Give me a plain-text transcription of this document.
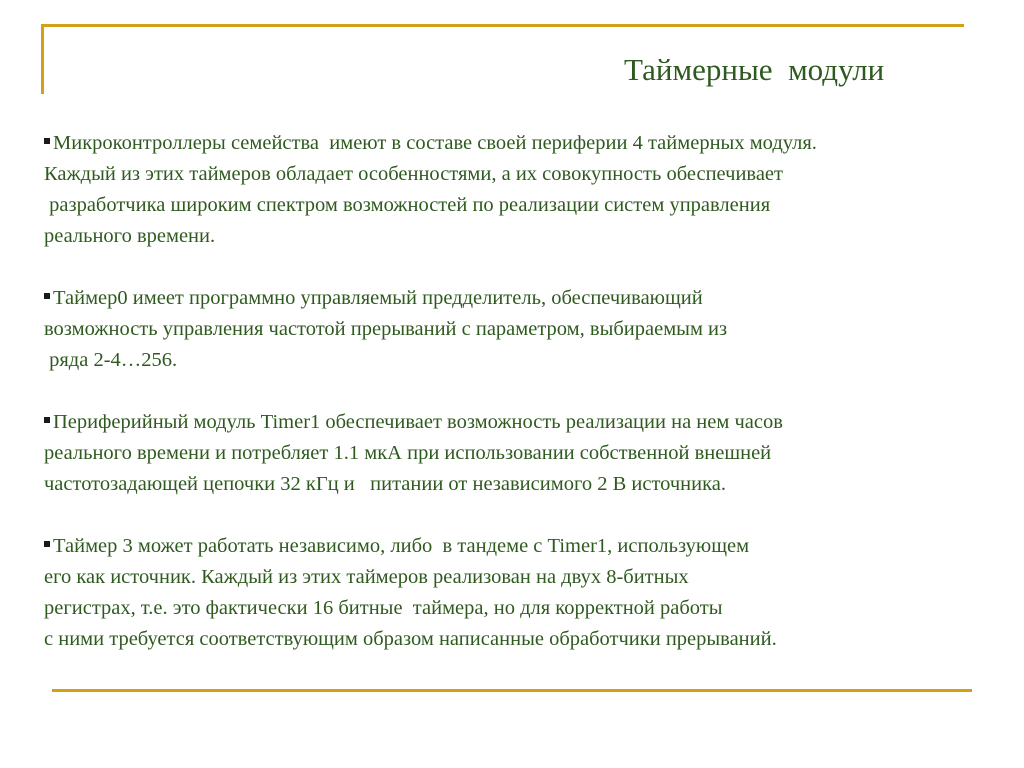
Таймерные  модули
Микроконтроллеры семейства  имеют в составе своей периферии 4 таймерных модуля.
Каждый из этих таймеров обладает особенностями, а их совокупность обеспечивает
разработчика широким спектром возможностей по реализации систем управления
реального времени.
Таймер0 имеет программно управляемый предделитель, обеспечивающий
возможность управления частотой прерываний с параметром, выбираемым из
ряда 2-4…256.
Периферийный модуль Timer1 обеспечивает возможность реализации на нем часов
реального времени и потребляет 1.1 мкА при использовании собственной внешней
частотозадающей цепочки 32 кГц и   питании от независимого 2 В источника.
Таймер 3 может работать независимо, либо  в тандеме с Timer1, использующем
его как источник. Каждый из этих таймеров реализован на двух 8-битных
регистрах, т.е. это фактически 16 битные  таймера, но для корректной работы
с ними требуется соответствующим образом написанные обработчики прерываний.
